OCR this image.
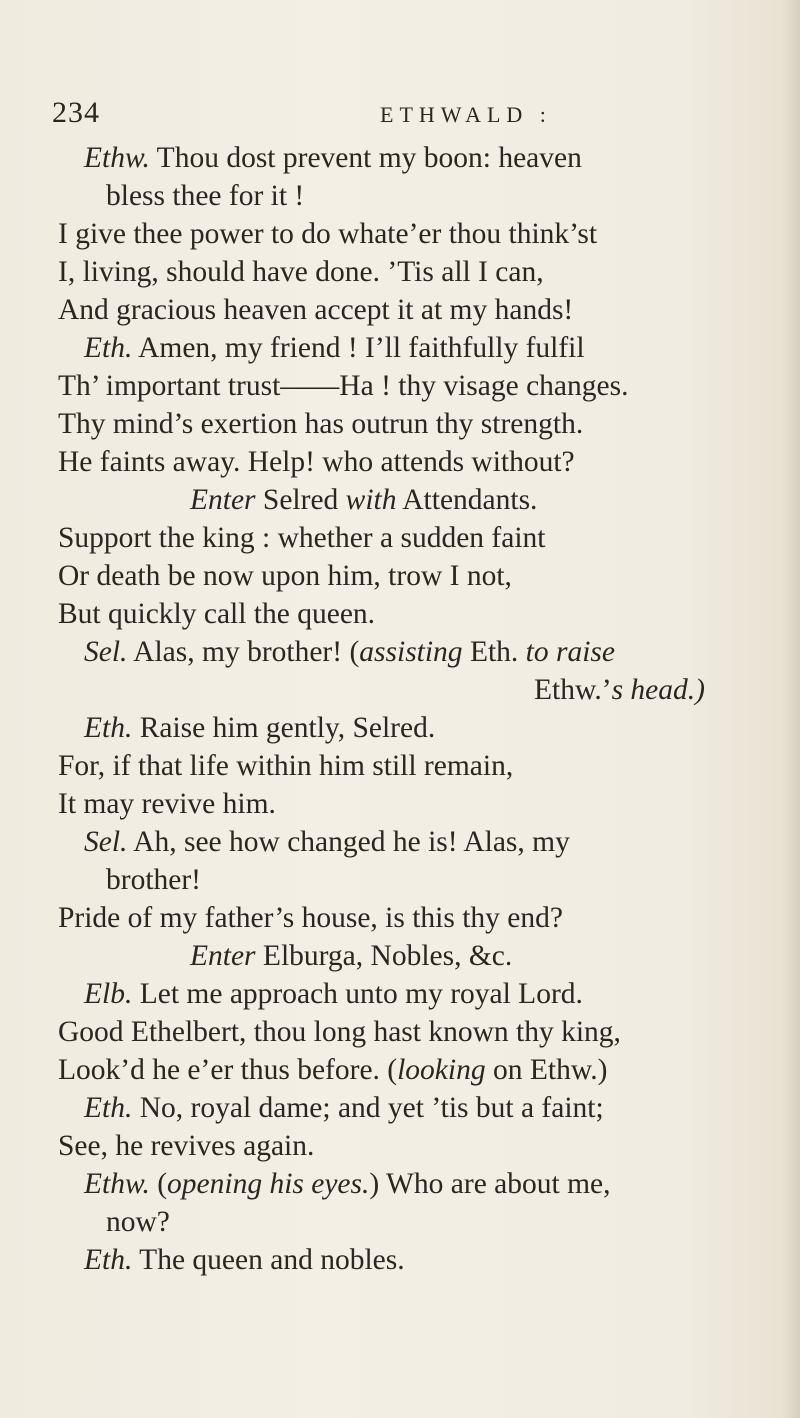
234	ETHWALD :
Ethw. Thou dost prevent my boon: heaven
bless thee for it !
I give thee power to do whate’er thou think’st
I, living, should have done. ’Tis all I can,
And gracious heaven accept it at my hands!
Eth. Amen, my friend ! I’ll faithfully fulfil
Th’ important trust——Ha ! thy visage changes.
Thy mind’s exertion has outrun thy strength.
He faints away. Help! who attends without?
Enter Selred with Attendants.
Support the king : whether a sudden faint
Or death be now upon him, trow I not,
But quickly call the queen.
Sel. Alas, my brother! (assisting Eth. to raise
Ethw.’s head.)
Eth. Raise him gently, Selred.
For, if that life within him still remain,
It may revive him.
Sel. Ah, see how changed he is! Alas, my
brother!
Pride of my father’s house, is this thy end?
Enter Elburga, Nobles, &c.
Elb. Let me approach unto my royal Lord.
Good Ethelbert, thou long hast known thy king,
Look’d he e’er thus before. (looking on Ethw.)
Eth. No, royal dame; and yet ’tis but a faint;
See, he revives again.
Ethw. (opening his eyes.) Who are about me,
now?
Eth. The queen and nobles.
